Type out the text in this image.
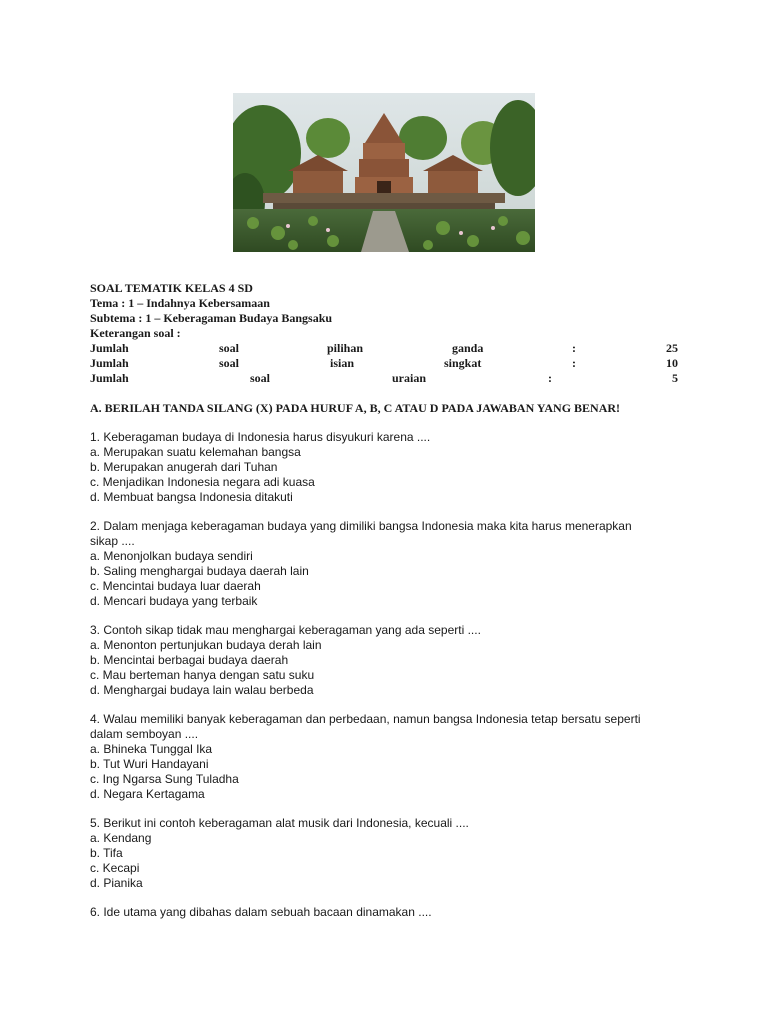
SOAL TEMATIK KELAS 4 SD
Tema : 1 – Indahnya Kebersamaan
Subtema : 1 – Keberagaman Budaya Bangsaku
Keterangan soal :
Jumlah	soal	pilihan	ganda	:	25
Jumlah	soal	isian	singkat	:	10
Jumlah	soal	uraian	:	5
A. BERILAH TANDA SILANG (X) PADA HURUF A, B, C ATAU D PADA JAWABAN YANG BENAR!
1. Keberagaman budaya di Indonesia harus disyukuri karena ....
a. Merupakan suatu kelemahan bangsa
b. Merupakan anugerah dari Tuhan
c. Menjadikan Indonesia negara adi kuasa
d. Membuat bangsa Indonesia ditakuti
2. Dalam menjaga keberagaman budaya yang dimiliki bangsa Indonesia maka kita harus menerapkan
sikap ....
a. Menonjolkan budaya sendiri
b. Saling menghargai budaya daerah lain
c. Mencintai budaya luar daerah
d. Mencari budaya yang terbaik
3. Contoh sikap tidak mau menghargai keberagaman yang ada seperti ....
a. Menonton pertunjukan budaya derah lain
b. Mencintai berbagai budaya daerah
c. Mau berteman hanya dengan satu suku
d. Menghargai budaya lain walau berbeda
4. Walau memiliki banyak keberagaman dan perbedaan, namun bangsa Indonesia tetap bersatu seperti
dalam semboyan ....
a. Bhineka Tunggal Ika
b. Tut Wuri Handayani
c. Ing Ngarsa Sung Tuladha
d. Negara Kertagama
5. Berikut ini contoh keberagaman alat musik dari Indonesia, kecuali ....
a. Kendang
b. Tifa
c. Kecapi
d. Pianika
6. Ide utama yang dibahas dalam sebuah bacaan dinamakan ....
